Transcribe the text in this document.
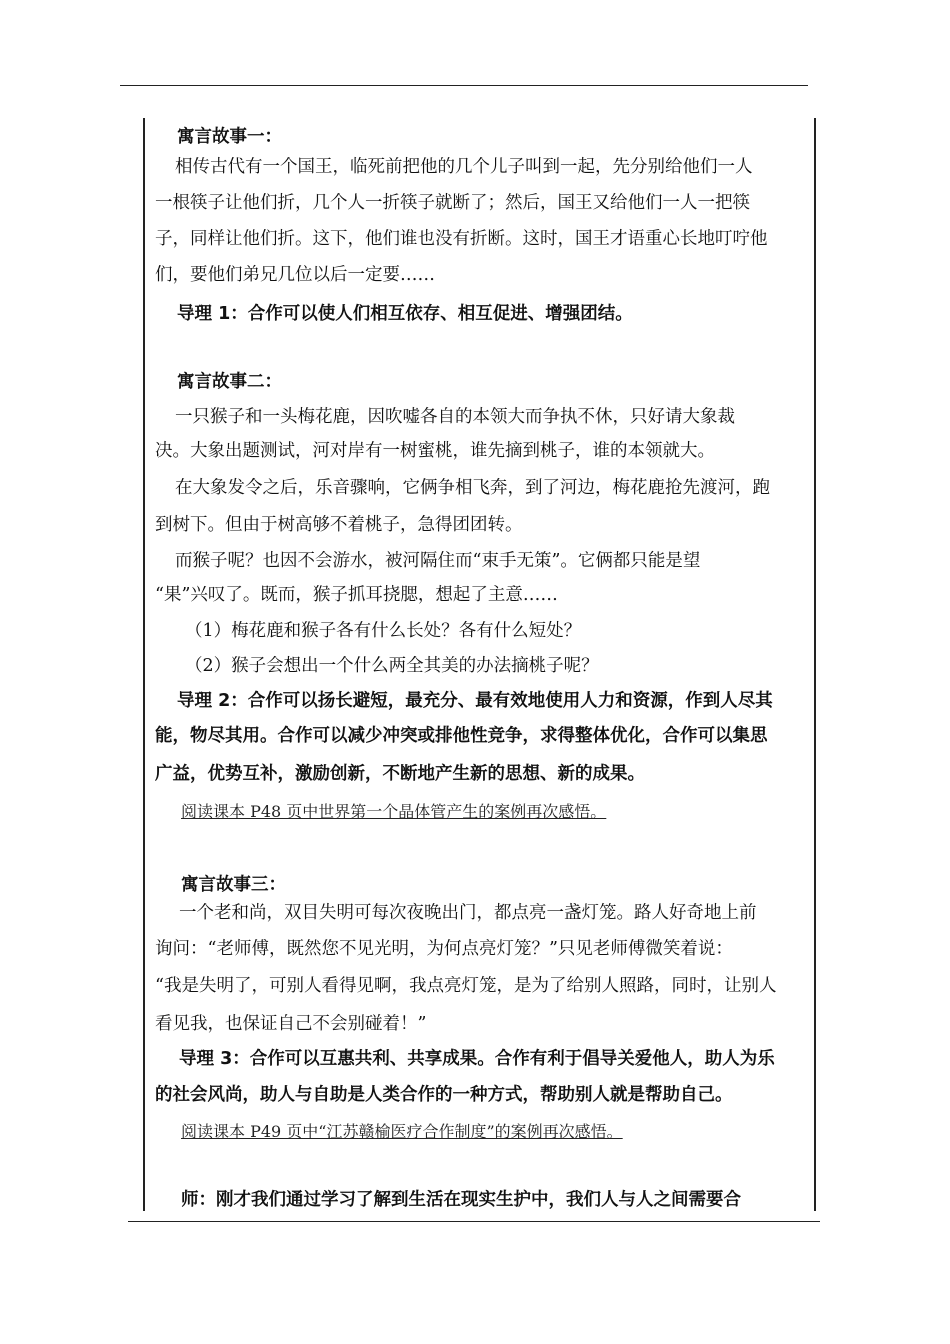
寓言故事一：

相传古代有一个国王，临死前把他的几个儿子叫到一起，先分别给他们一人

一根筷子让他们折，几个人一折筷子就断了；然后，国王又给他们一人一把筷

子，同样让他们折。这下，他们谁也没有折断。这时，国王才语重心长地叮咛他

们，要他们弟兄几位以后一定要……

导理 1：合作可以使人们相互依存、相互促进、增强团结。

寓言故事二：

一只猴子和一头梅花鹿，因吹嘘各自的本领大而争执不休，只好请大象裁

决。大象出题测试，河对岸有一树蜜桃，谁先摘到桃子，谁的本领就大。

在大象发令之后，乐音骤响，它俩争相飞奔，到了河边，梅花鹿抢先渡河，跑

到树下。但由于树高够不着桃子，急得团团转。

而猴子呢？也因不会游水，被河隔住而“束手无策”。它俩都只能是望

“果”兴叹了。既而，猴子抓耳挠腮，想起了主意……

（1）梅花鹿和猴子各有什么长处？各有什么短处？

（2）猴子会想出一个什么两全其美的办法摘桃子呢？

导理 2：合作可以扬长避短，最充分、最有效地使用人力和资源，作到人尽其

能，物尽其用。合作可以减少冲突或排他性竞争，求得整体优化，合作可以集思

广益，优势互补，激励创新，不断地产生新的思想、新的成果。

阅读课本 P48 页中世界第一个晶体管产生的案例再次感悟。

寓言故事三：

一个老和尚，双目失明可每次夜晚出门，都点亮一盏灯笼。路人好奇地上前

询问：“老师傅，既然您不见光明，为何点亮灯笼？”只见老师傅微笑着说：

“我是失明了，可别人看得见啊，我点亮灯笼，是为了给别人照路，同时，让别人

看见我，也保证自己不会别碰着！”

导理 3：合作可以互惠共利、共享成果。合作有利于倡导关爱他人，助人为乐

的社会风尚，助人与自助是人类合作的一种方式，帮助别人就是帮助自己。

阅读课本 P49 页中“江苏赣榆医疗合作制度”的案例再次感悟。

师：刚才我们通过学习了解到生活在现实生护中，我们人与人之间需要合
